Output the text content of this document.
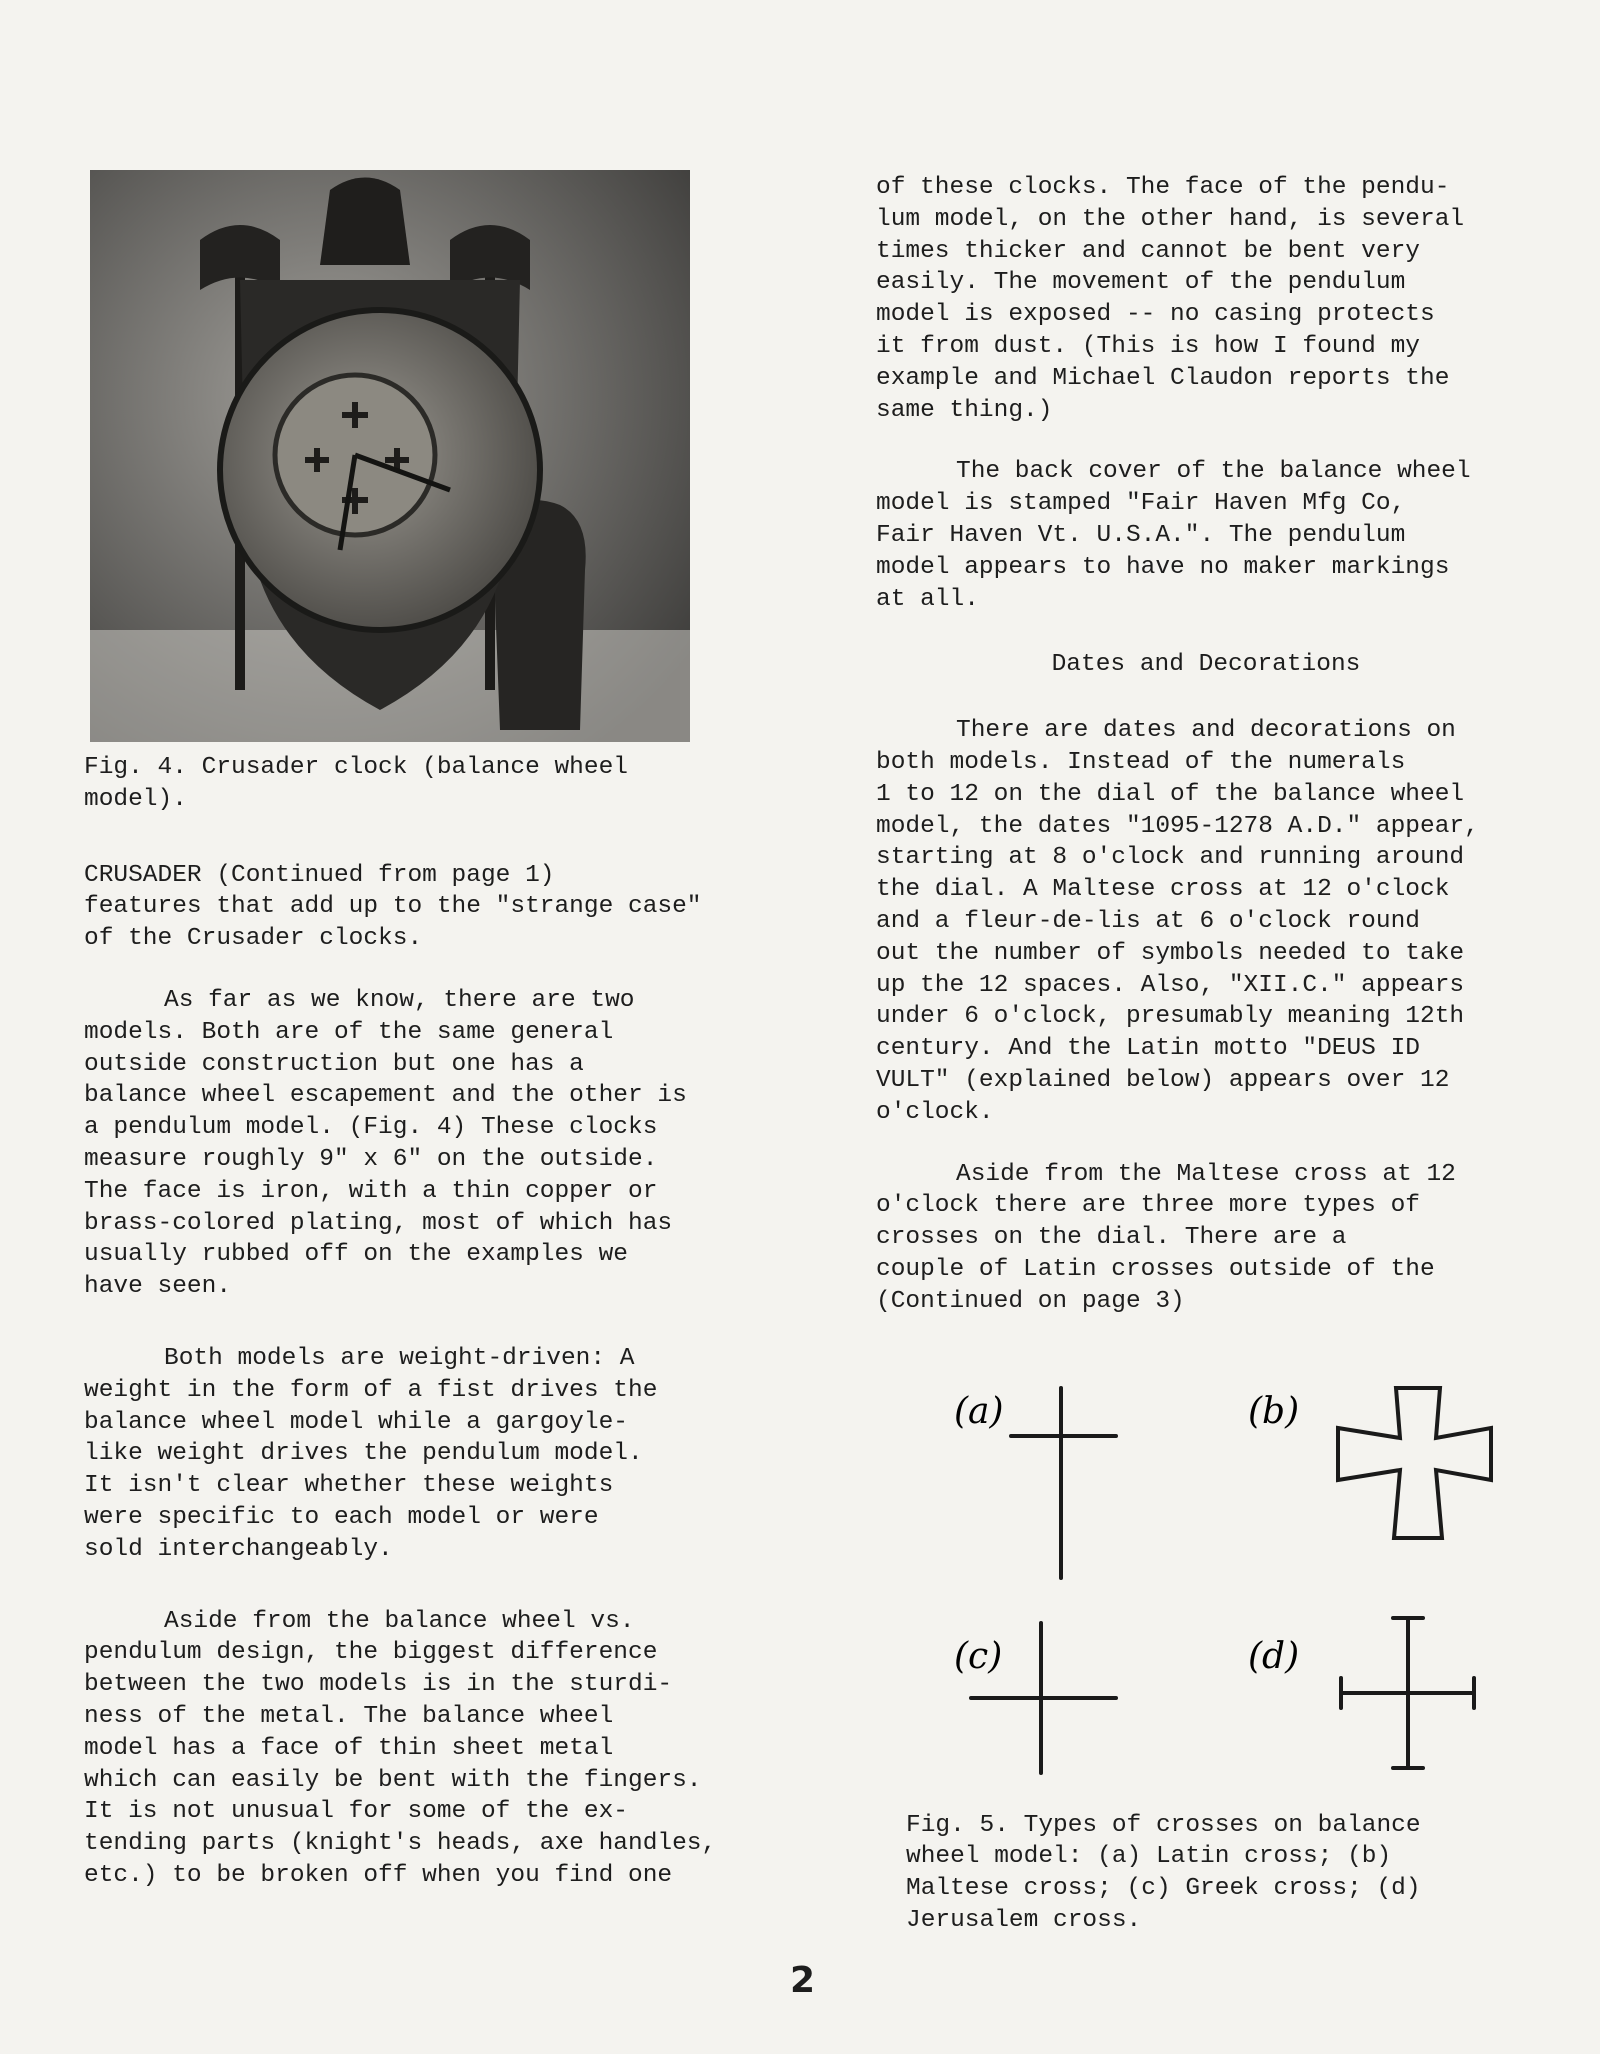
Fig. 4. Crusader clock (balance wheel
model).

CRUSADER (Continued from page 1)
features that add up to the "strange case"
of the Crusader clocks.

As far as we know, there are two
models. Both are of the same general
outside construction but one has a
balance wheel escapement and the other is
a pendulum model. (Fig. 4) These clocks
measure roughly 9" x 6" on the outside.
The face is iron, with a thin copper or
brass-colored plating, most of which has
usually rubbed off on the examples we
have seen.

Both models are weight-driven: A
weight in the form of a fist drives the
balance wheel model while a gargoyle-
like weight drives the pendulum model.
It isn't clear whether these weights
were specific to each model or were
sold interchangeably.

Aside from the balance wheel vs.
pendulum design, the biggest difference
between the two models is in the sturdi-
ness of the metal. The balance wheel
model has a face of thin sheet metal
which can easily be bent with the fingers.
It is not unusual for some of the ex-
tending parts (knight's heads, axe handles,
etc.) to be broken off when you find one

of these clocks. The face of the pendu-
lum model, on the other hand, is several
times thicker and cannot be bent very
easily. The movement of the pendulum
model is exposed -- no casing protects
it from dust. (This is how I found my
example and Michael Claudon reports the
same thing.)

The back cover of the balance wheel
model is stamped "Fair Haven Mfg Co,
Fair Haven Vt. U.S.A.". The pendulum
model appears to have no maker markings
at all.

Dates and Decorations

There are dates and decorations on
both models. Instead of the numerals
1 to 12 on the dial of the balance wheel
model, the dates "1095-1278 A.D." appear,
starting at 8 o'clock and running around
the dial. A Maltese cross at 12 o'clock
and a fleur-de-lis at 6 o'clock round
out the number of symbols needed to take
up the 12 spaces. Also, "XII.C." appears
under 6 o'clock, presumably meaning 12th
century. And the Latin motto "DEUS ID
VULT" (explained below) appears over 12
o'clock.

Aside from the Maltese cross at 12
o'clock there are three more types of
crosses on the dial. There are a
couple of Latin crosses outside of the
(Continued on page 3)

(a)	(b)
(c)	(d)

Fig. 5. Types of crosses on balance
wheel model: (a) Latin cross; (b)
Maltese cross; (c) Greek cross; (d)
Jerusalem cross.

2
